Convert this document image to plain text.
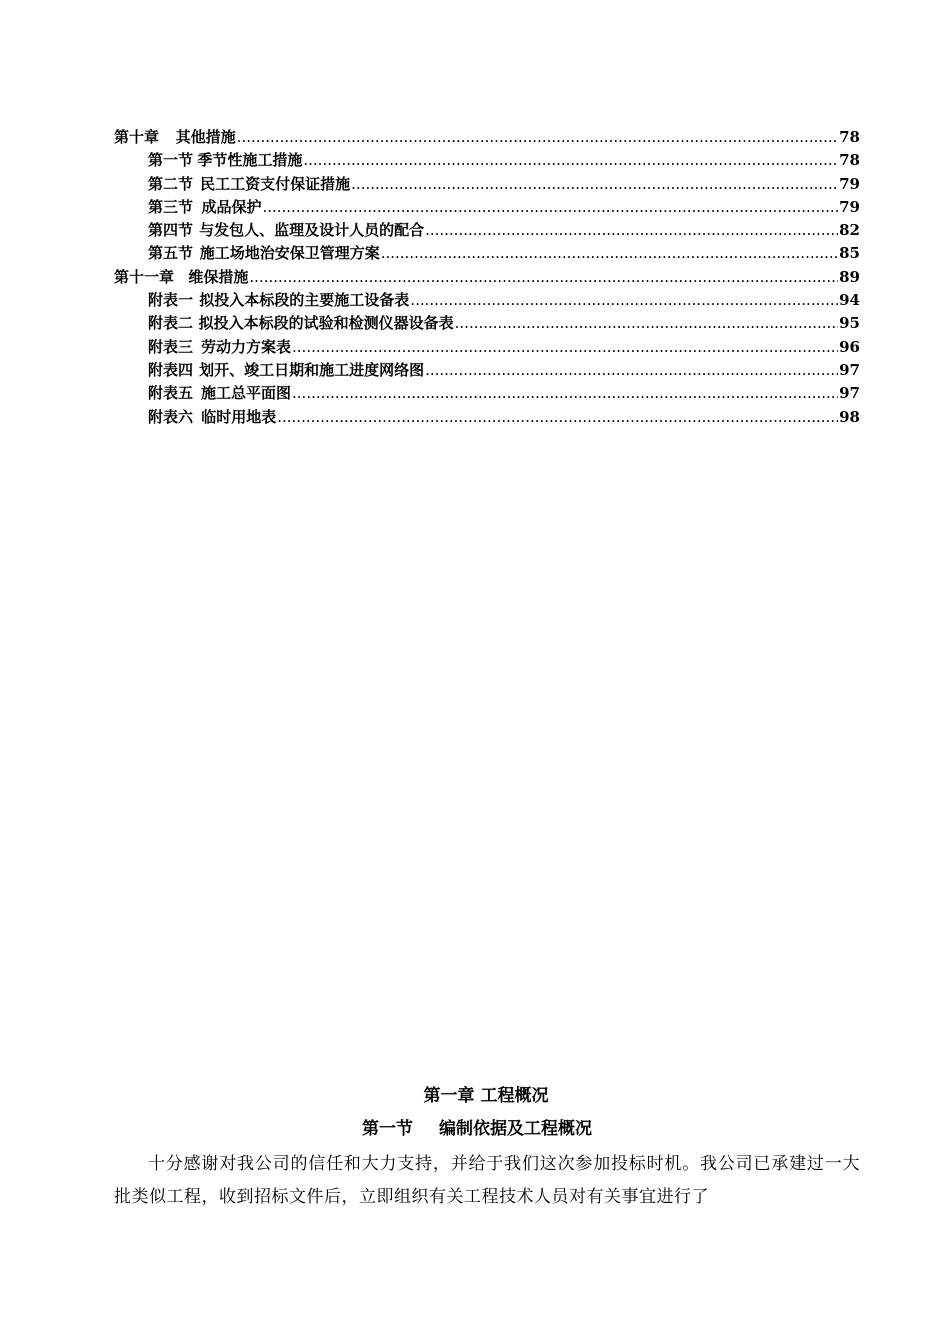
第十章 其他措施 .....	78
第一节 季节性施工措施 .....	78
第二节 民工工资支付保证措施 .....	79
第三节 成品保护 .....	79
第四节 与发包人、监理及设计人员的配合 .....	82
第五节 施工场地治安保卫管理方案 .....	85
第十一章 维保措施 .....	89
附表一 拟投入本标段的主要施工设备表 .....	94
附表二 拟投入本标段的试验和检测仪器设备表 .....	95
附表三 劳动力方案表 .....	96
附表四 划开、竣工日期和施工进度网络图 .....	97
附表五 施工总平面图 .....	97
附表六 临时用地表 .....	98
第一章 工程概况
第一节 编制依据及工程概况
十分感谢对我公司的信任和大力支持，并给于我们这次参加投标时机。我公司已承建过一大批类似工程，收到招标文件后，立即组织有关工程技术人员对有关事宜进行了
